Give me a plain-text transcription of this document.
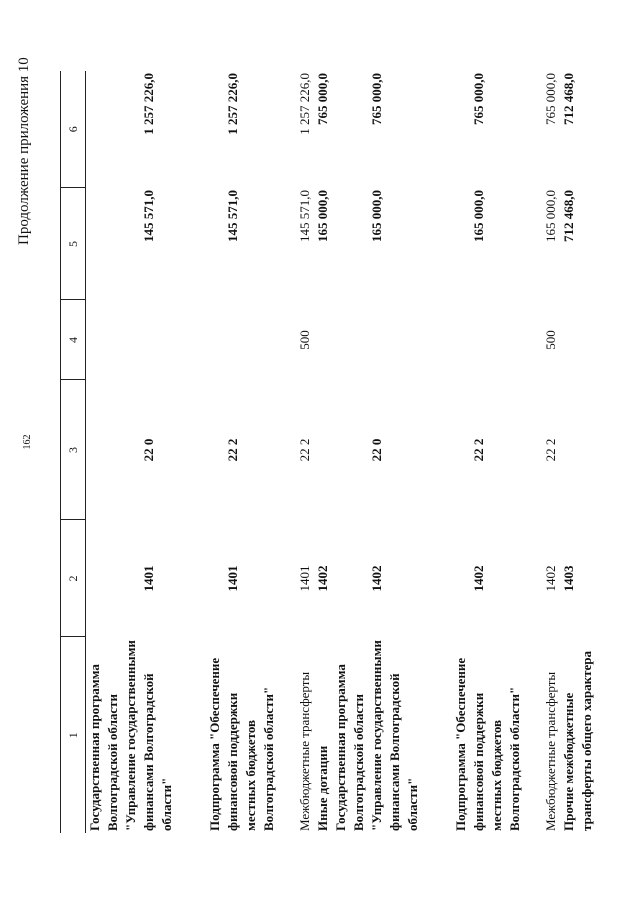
162
Продолжение приложения 10
1	2	3	4	5	6
Государственная программа Волгоградской области "Управление государственными финансами Волгоградской области"	1401	22 0		145 571,0	1 257 226,0
Подпрограмма "Обеспечение финансовой поддержки местных бюджетов Волгоградской области"	1401	22 2		145 571,0	1 257 226,0
Межбюджетные трансферты	1401	22 2	500	145 571,0	1 257 226,0
Иные дотации	1402			165 000,0	765 000,0
Государственная программа Волгоградской области "Управление государственными финансами Волгоградской области"	1402	22 0		165 000,0	765 000,0
Подпрограмма "Обеспечение финансовой поддержки местных бюджетов Волгоградской области"	1402	22 2		165 000,0	765 000,0
Межбюджетные трансферты	1402	22 2	500	165 000,0	765 000,0
Прочие межбюджетные трансферты общего характера	1403			712 468,0	712 468,0
